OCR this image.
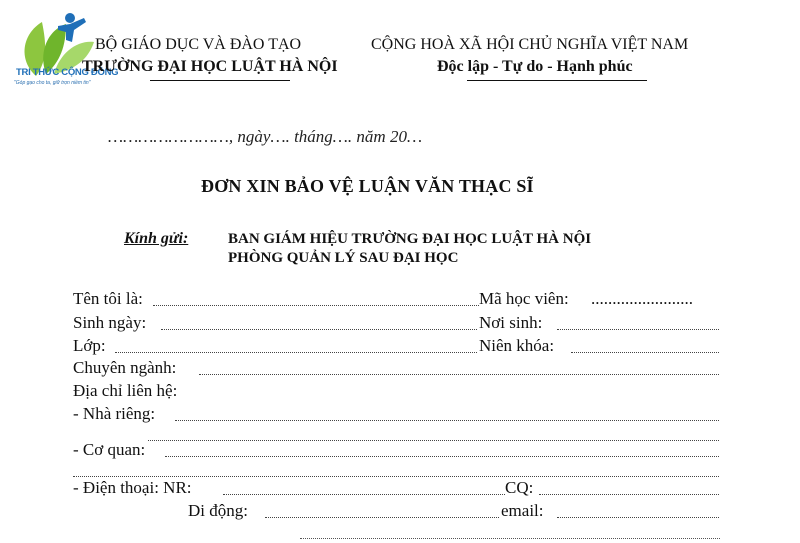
TRI THỨC CỘNG ĐỒNG
"Góp gạo cho ta, giữ trọn niềm tin"
BỘ GIÁO DỤC VÀ ĐÀO TẠO
TRƯỜNG ĐẠI HỌC LUẬT HÀ NỘI
CỘNG HOÀ XÃ HỘI CHỦ NGHĨA VIỆT NAM
Độc lập - Tự do - Hạnh phúc
……………………, ngày…. tháng…. năm 20…
ĐƠN XIN BẢO VỆ LUẬN VĂN THẠC SĨ
Kính gửi:	BAN GIÁM HIỆU TRƯỜNG ĐẠI HỌC LUẬT HÀ NỘI
PHÒNG QUẢN LÝ SAU ĐẠI HỌC
Tên tôi là:	Mã học viên: ........................
Sinh ngày:	Nơi sinh:
Lớp:	Niên khóa:
Chuyên ngành:
Địa chỉ liên hệ:
- Nhà riêng:
- Cơ quan:
- Điện thoại: NR:	CQ:
Di động:	email:
